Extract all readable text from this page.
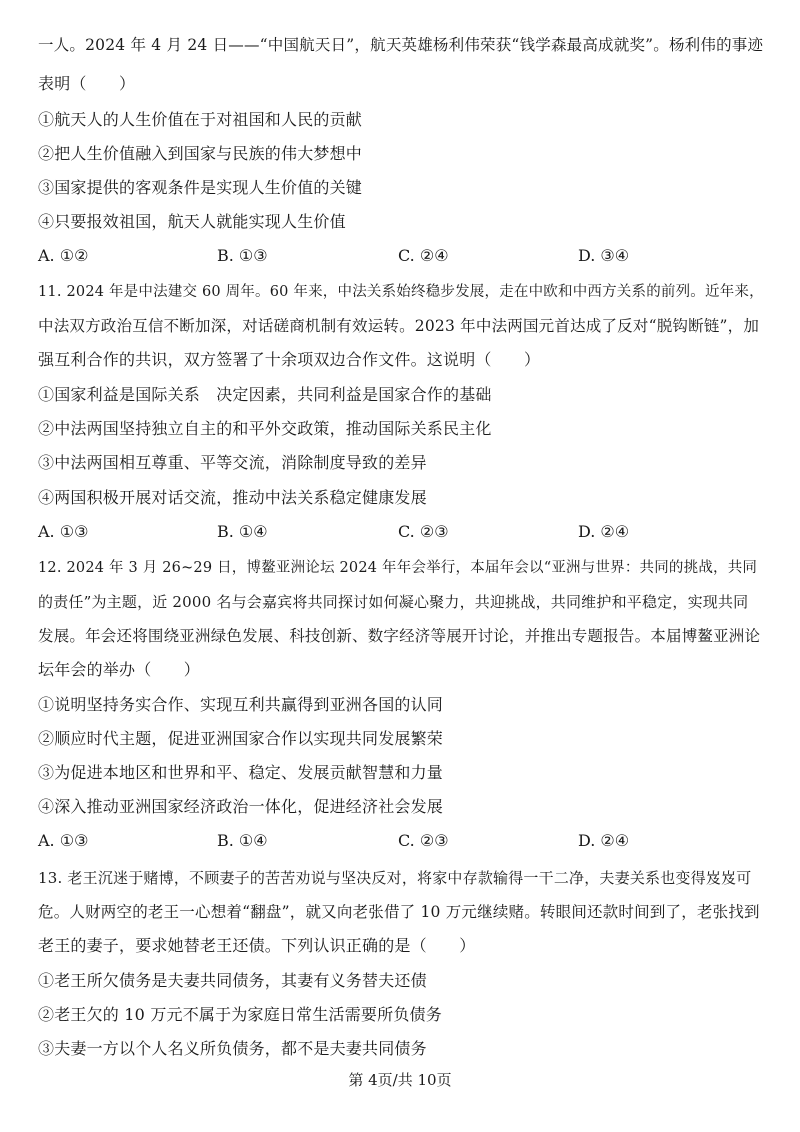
一人。2024 年 4 月 24 日——“中国航天日”，航天英雄杨利伟荣获“钱学森最高成就奖”。杨利伟的事迹
表明（　　）
①航天人的人生价值在于对祖国和人民的贡献
②把人生价值融入到国家与民族的伟大梦想中
③国家提供的客观条件是实现人生价值的关键
④只要报效祖国，航天人就能实现人生价值
A. ①②	B. ①③	C. ②④	D. ③④
11. 2024 年是中法建交 60 周年。60 年来，中法关系始终稳步发展，走在中欧和中西方关系的前列。近年来，
中法双方政治互信不断加深，对话磋商机制有效运转。2023 年中法两国元首达成了反对“脱钩断链”，加
强互利合作的共识，双方签署了十余项双边合作文件。这说明（　　）
①国家利益是国际关系　决定因素，共同利益是国家合作的基础
②中法两国坚持独立自主的和平外交政策，推动国际关系民主化
③中法两国相互尊重、平等交流，消除制度导致的差异
④两国积极开展对话交流，推动中法关系稳定健康发展
A. ①③	B. ①④	C. ②③	D. ②④
12. 2024 年 3 月 26~29 日，博鳌亚洲论坛 2024 年年会举行，本届年会以“亚洲与世界：共同的挑战，共同
的责任”为主题，近 2000 名与会嘉宾将共同探讨如何凝心聚力，共迎挑战，共同维护和平稳定，实现共同
发展。年会还将围绕亚洲绿色发展、科技创新、数字经济等展开讨论，并推出专题报告。本届博鳌亚洲论
坛年会的举办（　　）
①说明坚持务实合作、实现互利共赢得到亚洲各国的认同
②顺应时代主题，促进亚洲国家合作以实现共同发展繁荣
③为促进本地区和世界和平、稳定、发展贡献智慧和力量
④深入推动亚洲国家经济政治一体化，促进经济社会发展
A. ①③	B. ①④	C. ②③	D. ②④
13. 老王沉迷于赌博，不顾妻子的苦苦劝说与坚决反对，将家中存款输得一干二净，夫妻关系也变得岌岌可
危。人财两空的老王一心想着“翻盘”，就又向老张借了 10 万元继续赌。转眼间还款时间到了，老张找到
老王的妻子，要求她替老王还债。下列认识正确的是（　　）
①老王所欠债务是夫妻共同债务，其妻有义务替夫还债
②老王欠的 10 万元不属于为家庭日常生活需要所负债务
③夫妻一方以个人名义所负债务，都不是夫妻共同债务
第 4页/共 10页
